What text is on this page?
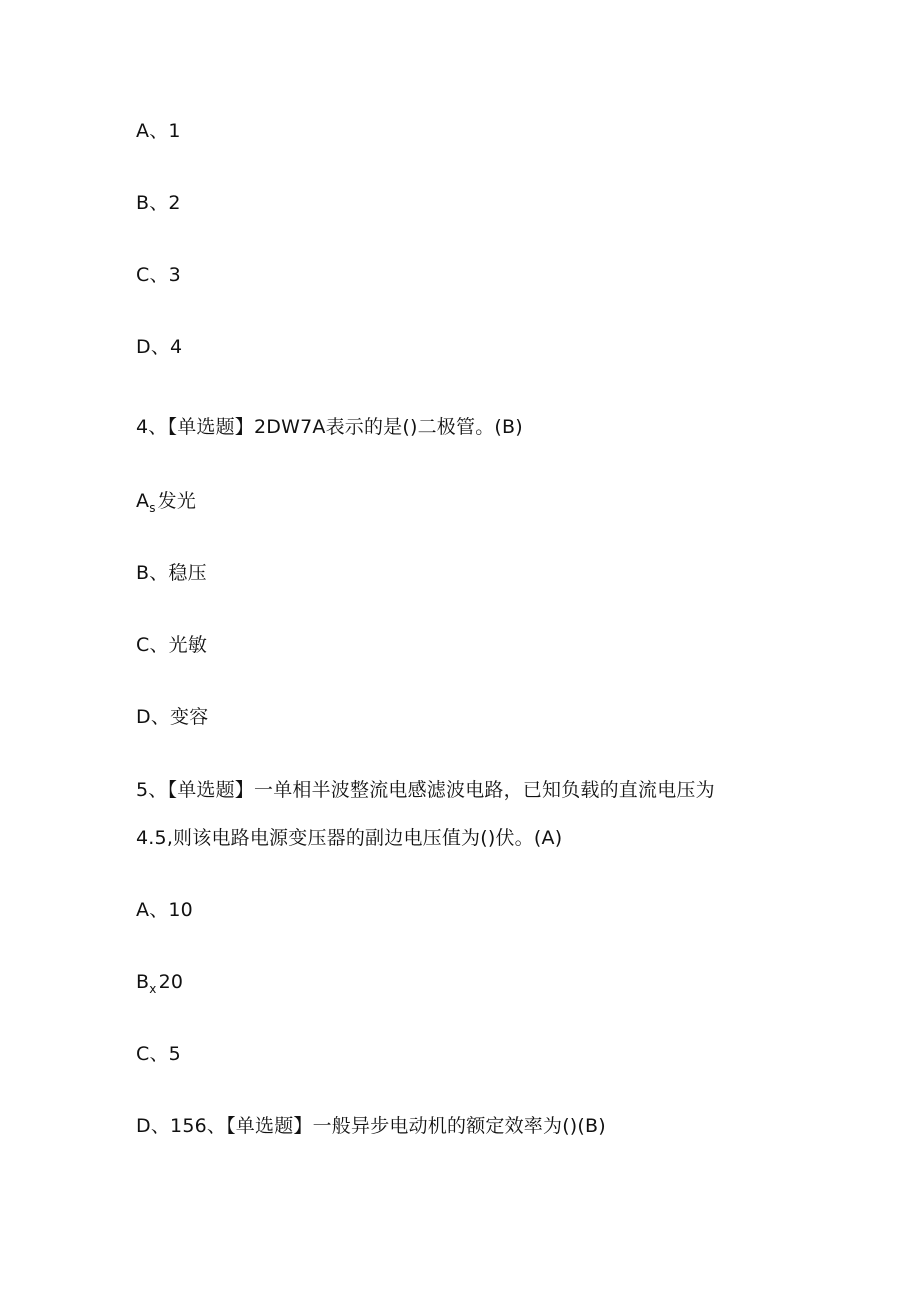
A、1
B、2
C、3
D、4
4、【单选题】2DW7A表示的是()二极管。(B)
$A_s$ 发光
B、稳压
C、光敏
D、变容
5、【单选题】一单相半波整流电感滤波电路，已知负载的直流电压为
4.5,则该电路电源变压器的副边电压值为()伏。(A)
A、10
$B_x$ 20
C、5
D、156、【单选题】一般异步电动机的额定效率为()(B)
